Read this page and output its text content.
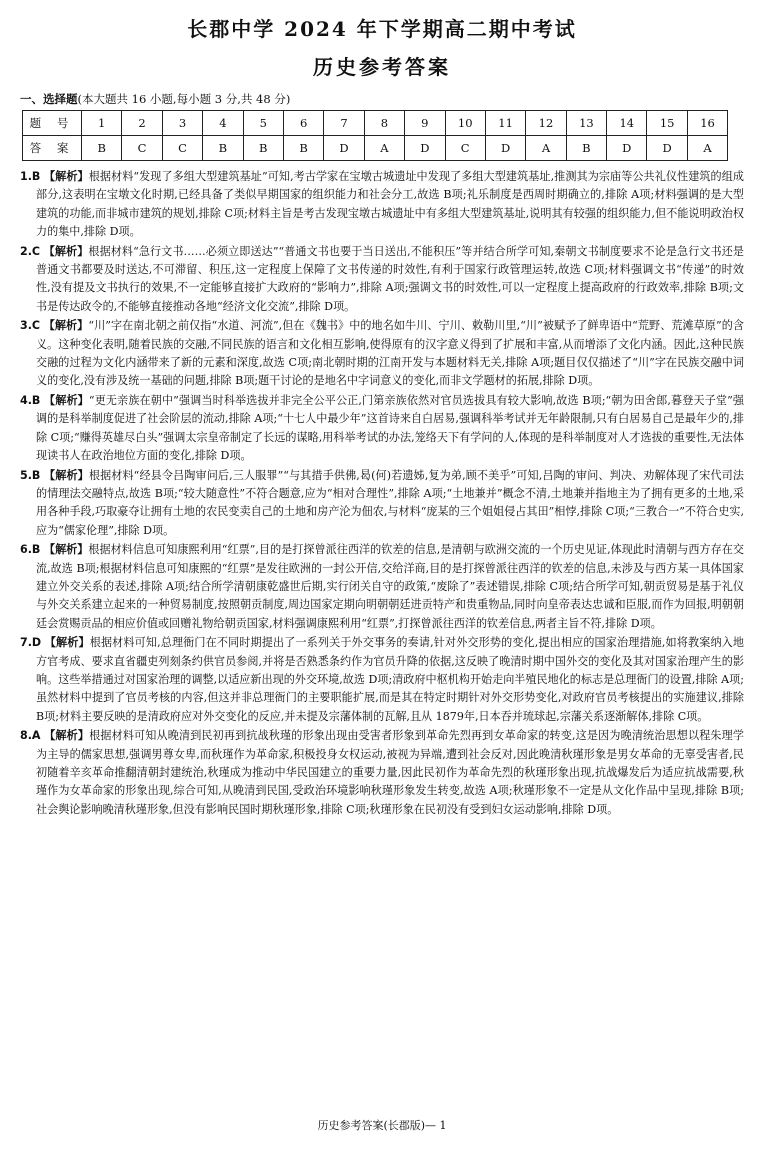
长郡中学 2024 年下学期高二期中考试
历史参考答案
一、选择题(本大题共 16 小题,每小题 3 分,共 48 分)
题 号	1	2	3	4	5	6	7	8	9	10	11	12	13	14	15	16
答 案	B	C	C	B	B	B	D	A	D	C	D	A	B	D	D	A
1.B 【解析】根据材料“发现了多组大型建筑基址”可知,考古学家在宝墩古城遗址中发现了多组大型建筑基址,推测其为宗庙等公共礼仪性建筑的组成部分,这表明在宝墩文化时期,已经具备了类似早期国家的组织能力和社会分工,故选 B项;礼乐制度是西周时期确立的,排除 A项;材料强调的是大型建筑的功能,而非城市建筑的规划,排除 C项;材料主旨是考古发现宝墩古城遗址中有多组大型建筑基址,说明其有较强的组织能力,但不能说明政治权力的集中,排除 D项。
2.C 【解析】根据材料“急行文书……必须立即送达”“普通文书也要于当日送出,不能积压”等并结合所学可知,秦朝文书制度要求不论是急行文书还是普通文书都要及时送达,不可滞留、积压,这一定程度上保障了文书传递的时效性,有利于国家行政管理运转,故选 C项;材料强调文书“传递”的时效性,没有提及文书执行的效果,不一定能够直接扩大政府的“影响力”,排除 A项;强调文书的时效性,可以一定程度上提高政府的行政效率,排除 B项;文书是传达政令的,不能够直接推动各地“经济文化交流”,排除 D项。
3.C 【解析】“川”字在南北朝之前仅指“水道、河流”,但在《魏书》中的地名如牛川、宁川、敕勒川里,“川”被赋予了鲜卑语中“荒野、荒滩草原”的含义。这种变化表明,随着民族的交融,不同民族的语言和文化相互影响,使得原有的汉字意义得到了扩展和丰富,从而增添了文化内涵。因此,这种民族交融的过程为文化内涵带来了新的元素和深度,故选 C项;南北朝时期的江南开发与本题材料无关,排除 A项;题目仅仅描述了“川”字在民族交融中词义的变化,没有涉及统一基础的问题,排除 B项;题干讨论的是地名中字词意义的变化,而非文学题材的拓展,排除 D项。
4.B 【解析】“更无亲族在朝中”强调当时科举选拔并非完全公平公正,门第亲族依然对官员选拔具有较大影响,故选 B项;“朝为田舍郎,暮登天子堂”强调的是科举制度促进了社会阶层的流动,排除 A项;“十七人中最少年”这首诗来自白居易,强调科举考试并无年龄限制,只有白居易自己是最年少的,排除 C项;“赚得英雄尽白头”强调太宗皇帝制定了长远的谋略,用科举考试的办法,笼络天下有学问的人,体现的是科举制度对人才选拔的重要性,无法体现读书人在政治地位方面的变化,排除 D项。
5.B 【解析】根据材料“经县令吕陶审问后,三人服罪”“与其措手供佛,曷(何)若遗姊,复为弟,顾不美乎”可知,吕陶的审问、判决、劝解体现了宋代司法的情理法交融特点,故选 B项;“较大随意性”不符合题意,应为“相对合理性”,排除 A项;“土地兼并”概念不清,土地兼并指地主为了拥有更多的土地,采用各种手段,巧取豪夺让拥有土地的农民变卖自己的土地和房产沦为佃农,与材料“庞某的三个姐姐侵占其田”相悖,排除 C项;“三教合一”不符合史实,应为“儒家伦理”,排除 D项。
6.B 【解析】根据材料信息可知康熙利用“红票”,目的是打探曾派往西洋的钦差的信息,是清朝与欧洲交流的一个历史见证,体现此时清朝与西方存在交流,故选 B项;根据材料信息可知康熙的“红票”是发往欧洲的一封公开信,交给洋商,目的是打探曾派往西洋的钦差的信息,未涉及与西方某一具体国家建立外交关系的表述,排除 A项;结合所学清朝康乾盛世后期,实行闭关自守的政策,“废除了”表述错误,排除 C项;结合所学可知,朝贡贸易是基于礼仪与外交关系建立起来的一种贸易制度,按照朝贡制度,周边国家定期向明朝朝廷进贡特产和贵重物品,同时向皇帝表达忠诚和臣服,而作为回报,明朝朝廷会赏赐贡品的相应价值或回赠礼物给朝贡国家,材料强调康熙利用“红票”,打探曾派往西洋的钦差信息,两者主旨不符,排除 D项。
7.D 【解析】根据材料可知,总理衙门在不同时期提出了一系列关于外交事务的奏请,针对外交形势的变化,提出相应的国家治理措施,如将教案纳入地方官考成、要求直省疆吏列刻条约供官员参阅,并将是否熟悉条约作为官员升降的依据,这反映了晚清时期中国外交的变化及其对国家治理产生的影响。这些举措通过对国家治理的调整,以适应新出现的外交环境,故选 D项;清政府中枢机构开始走向半殖民地化的标志是总理衙门的设置,排除 A项;虽然材料中提到了官员考核的内容,但这并非总理衙门的主要职能扩展,而是其在特定时期针对外交形势变化,对政府官员考核提出的实施建议,排除 B项;材料主要反映的是清政府应对外交变化的反应,并未提及宗藩体制的瓦解,且从 1879年,日本吞并琉球起,宗藩关系逐渐解体,排除 C项。
8.A 【解析】根据材料可知从晚清到民初再到抗战秋瑾的形象出现由受害者形象到革命先烈再到女革命家的转变,这是因为晚清统治思想以程朱理学为主导的儒家思想,强调男尊女卑,而秋瑾作为革命家,积极投身女权运动,被视为异端,遭到社会反对,因此晚清秋瑾形象是男女革命的无辜受害者,民初随着辛亥革命推翻清朝封建统治,秋瑾成为推动中华民国建立的重要力量,因此民初作为革命先烈的秋瑾形象出现,抗战爆发后为适应抗战需要,秋瑾作为女革命家的形象出现,综合可知,从晚清到民国,受政治环境影响秋瑾形象发生转变,故选 A项;秋瑾形象不一定是从文化作品中呈现,排除 B项;社会舆论影响晚清秋瑾形象,但没有影响民国时期秋瑾形象,排除 C项;秋瑾形象在民初没有受到妇女运动影响,排除 D项。
历史参考答案(长郡版)— 1
